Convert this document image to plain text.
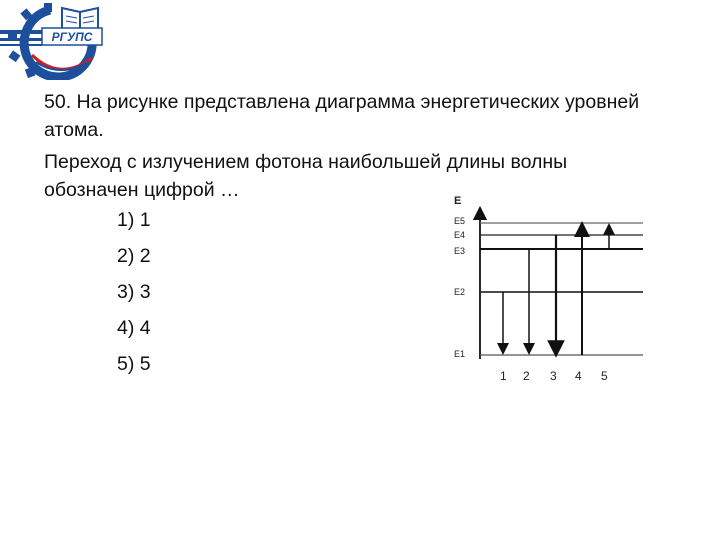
РГУПС

50. На рисунке представлена диаграмма энергетических уровней атома.

Переход с излучением фотона наибольшей длины волны обозначен цифрой …

1) 1
2) 2
3) 3
4) 4
5) 5
E
E5
E4
E3
E2
E1
1 2 3 4 5
